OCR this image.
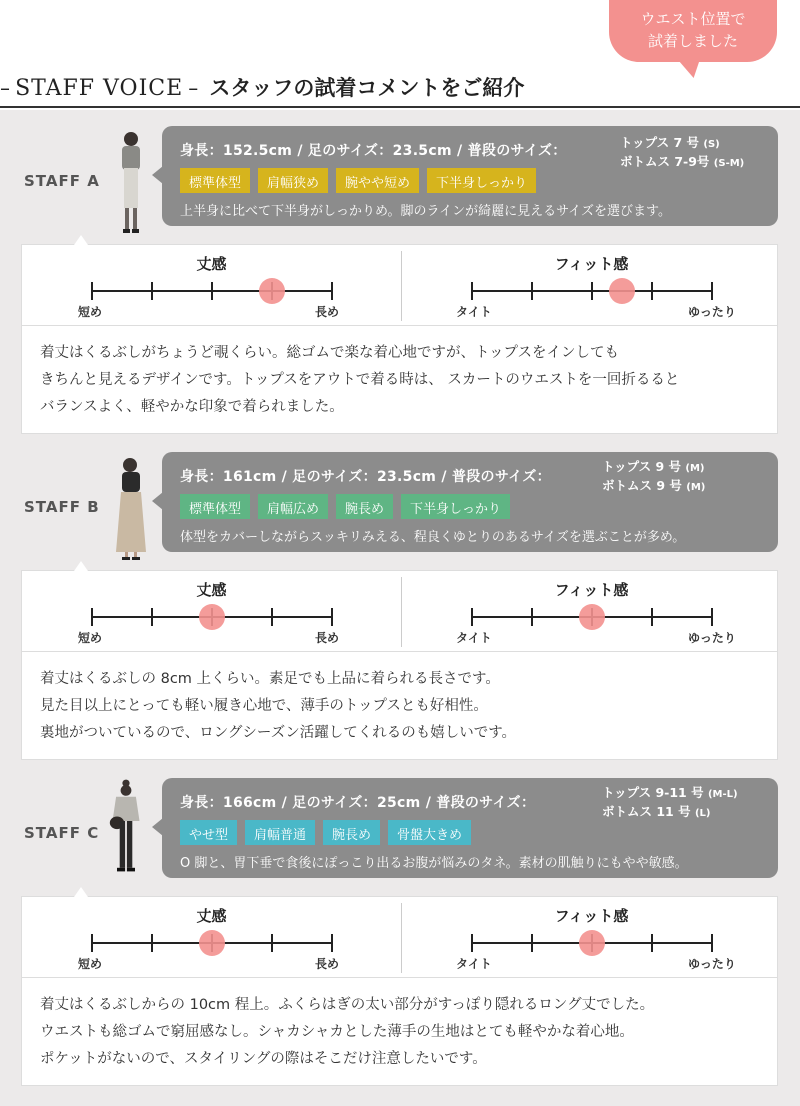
ウエスト位置で
試着しました
– STAFF VOICE – スタッフの試着コメントをご紹介
STAFF A
身長：152.5cm / 足のサイズ：23.5cm / 普段のサイズ：
トップス 7 号 (S)
ボトムス 7-9号 (S-M)
標準体型	肩幅狭め	腕やや短め	下半身しっかり
上半身に比べて下半身がしっかりめ。脚のラインが綺麗に見えるサイズを選びます。
丈感
短め	長め
フィット感
タイト	ゆったり
着丈はくるぶしがちょうど覗くらい。総ゴムで楽な着心地ですが、トップスをインしても
きちんと見えるデザインです。トップスをアウトで着る時は、 スカートのウエストを一回折るると
バランスよく、軽やかな印象で着られました。
STAFF B
身長：161cm / 足のサイズ：23.5cm / 普段のサイズ：
トップス 9 号 (M)
ボトムス 9 号 (M)
標準体型	肩幅広め	腕長め	下半身しっかり
体型をカバーしながらスッキリみえる、程良くゆとりのあるサイズを選ぶことが多め。
丈感
短め	長め
フィット感
タイト	ゆったり
着丈はくるぶしの 8cm 上くらい。素足でも上品に着られる長さです。
見た目以上にとっても軽い履き心地で、薄手のトップスとも好相性。
裏地がついているので、ロングシーズン活躍してくれるのも嬉しいです。
STAFF C
身長：166cm / 足のサイズ：25cm / 普段のサイズ：
トップス 9-11 号 (M-L)
ボトムス 11 号 (L)
やせ型	肩幅普通	腕長め	骨盤大きめ
O 脚と、胃下垂で食後にぽっこり出るお腹が悩みのタネ。素材の肌触りにもやや敏感。
丈感
短め	長め
フィット感
タイト	ゆったり
着丈はくるぶしからの 10cm 程上。ふくらはぎの太い部分がすっぽり隠れるロング丈でした。
ウエストも総ゴムで窮屈感なし。シャカシャカとした薄手の生地はとても軽やかな着心地。
ポケットがないので、スタイリングの際はそこだけ注意したいです。
